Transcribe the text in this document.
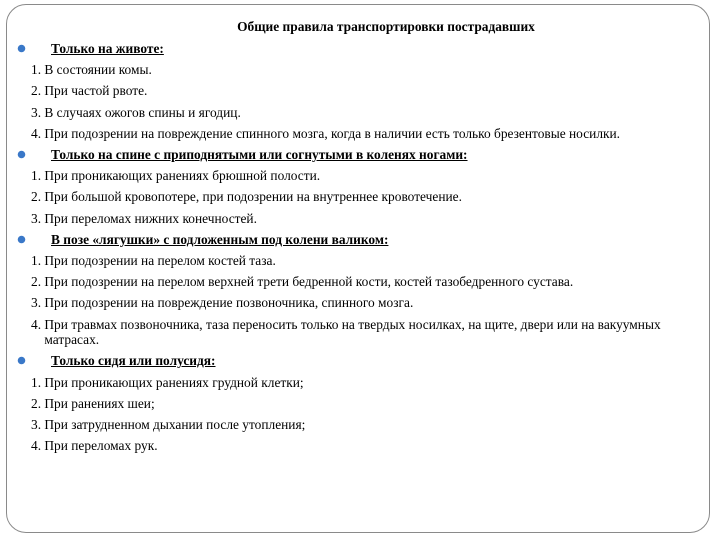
Общие правила транспортировки пострадавших
Только на животе:
1. В состоянии комы.
2. При частой рвоте.
3. В случаях ожогов спины и ягодиц.
4. При подозрении на повреждение спинного мозга, когда в наличии есть только брезентовые носилки.
Только на спине с приподнятыми или согнутыми в коленях ногами:
1. При проникающих ранениях брюшной полости.
2. При большой кровопотере, при подозрении на внутреннее кровотечение.
3. При переломах нижних конечностей.
В позе «лягушки» с подложенным под колени валиком:
1. При подозрении на перелом костей таза.
2. При подозрении на перелом верхней трети бедренной кости, костей тазобедренного сустава.
3. При подозрении на повреждение позвоночника, спинного мозга.
4. При травмах позвоночника, таза переносить только на твердых носилках, на щите, двери или на вакуумных матрасах.
Только сидя или полусидя:
1. При проникающих ранениях грудной клетки;
2. При ранениях шеи;
3. При затрудненном дыхании после утопления;
4. При переломах рук.
